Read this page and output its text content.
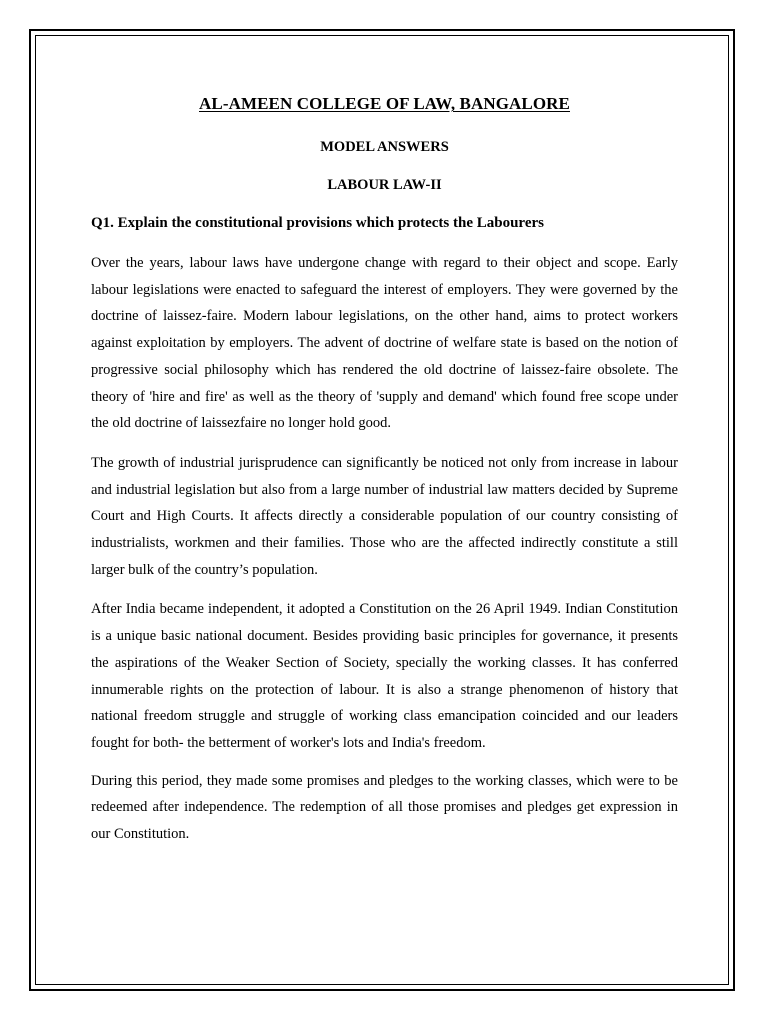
AL-AMEEN COLLEGE OF LAW, BANGALORE
MODEL ANSWERS
LABOUR LAW-II

Q1. Explain the constitutional provisions which protects the Labourers

Over the years, labour laws have undergone change with regard to their object and scope. Early labour legislations were enacted to safeguard the interest of employers. They were governed by the doctrine of laissez-faire. Modern labour legislations, on the other hand, aims to protect workers against exploitation by employers. The advent of doctrine of welfare state is based on the notion of progressive social philosophy which has rendered the old doctrine of laissez-faire obsolete. The theory of 'hire and fire' as well as the theory of 'supply and demand' which found free scope under the old doctrine of laissezfaire no longer hold good.

The growth of industrial jurisprudence can significantly be noticed not only from increase in labour and industrial legislation but also from a large number of industrial law matters decided by Supreme Court and High Courts. It affects directly a considerable population of our country consisting of industrialists, workmen and their families. Those who are the affected indirectly constitute a still larger bulk of the country’s population.

After India became independent, it adopted a Constitution on the 26 April 1949. Indian Constitution is a unique basic national document. Besides providing basic principles for governance, it presents the aspirations of the Weaker Section of Society, specially the working classes. It has conferred innumerable rights on the protection of labour. It is also a strange phenomenon of history that national freedom struggle and struggle of working class emancipation coincided and our leaders fought for both- the betterment of worker's lots and India's freedom.

During this period, they made some promises and pledges to the working classes, which were to be redeemed after independence. The redemption of all those promises and pledges get expression in our Constitution.
